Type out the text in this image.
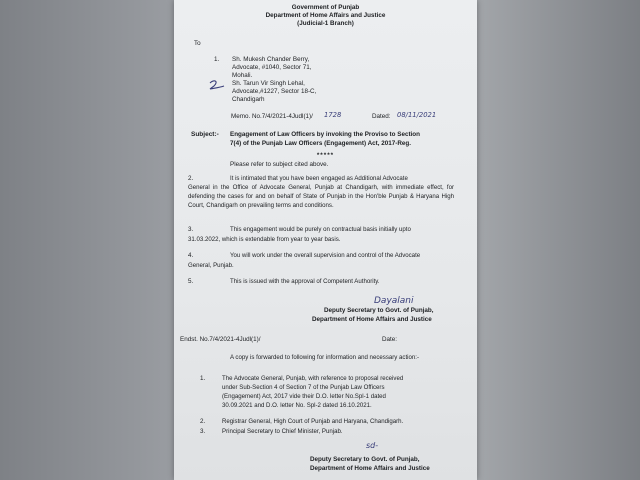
Government of Punjab
Department of Home Affairs and Justice
(Judicial-1 Branch)
To
1. Sh. Mukesh Chander Berry,
Advocate, #1040, Sector 71,
Mohali.
Sh. Tarun Vir Singh Lehal,
Advocate,#1227, Sector 18-C,
Chandigarh
Memo. No.7/4/2021-4Judl(1)/ 1728	Dated: 08/11/2021
Subject:- Engagement of Law Officers by invoking the Proviso to Section
7(4) of the Punjab Law Officers (Engagement) Act, 2017-Reg.
*****
Please refer to subject cited above.
2.	It is intimated that you have been engaged as Additional Advocate
General in the Office of Advocate General, Punjab at Chandigarh, with immediate effect, for defending the cases for and on behalf of State of Punjab in the Hon'ble Punjab & Haryana High Court, Chandigarh on prevailing terms and conditions.
3.	This engagement would be purely on contractual basis initially upto
31.03.2022, which is extendable from year to year basis.
4.	You will work under the overall supervision and control of the Advocate
General, Punjab.
5.	This is issued with the approval of Competent Authority.
Dayalani
Deputy Secretary to Govt. of Punjab,
Department of Home Affairs and Justice
Endst. No.7/4/2021-4Judl(1)/	Date:
A copy is forwarded to following for information and necessary action:-
1.	The Advocate General, Punjab, with reference to proposal received
under Sub-Section 4 of Section 7 of the Punjab Law Officers
(Engagement) Act, 2017 vide their D.O. letter No.Spl-1 dated
30.09.2021 and D.O. letter No. Spl-2 dated 16.10.2021.
2.	Registrar General, High Court of Punjab and Haryana, Chandigarh.
3.	Principal Secretary to Chief Minister, Punjab.
sd-
Deputy Secretary to Govt. of Punjab,
Department of Home Affairs and Justice
